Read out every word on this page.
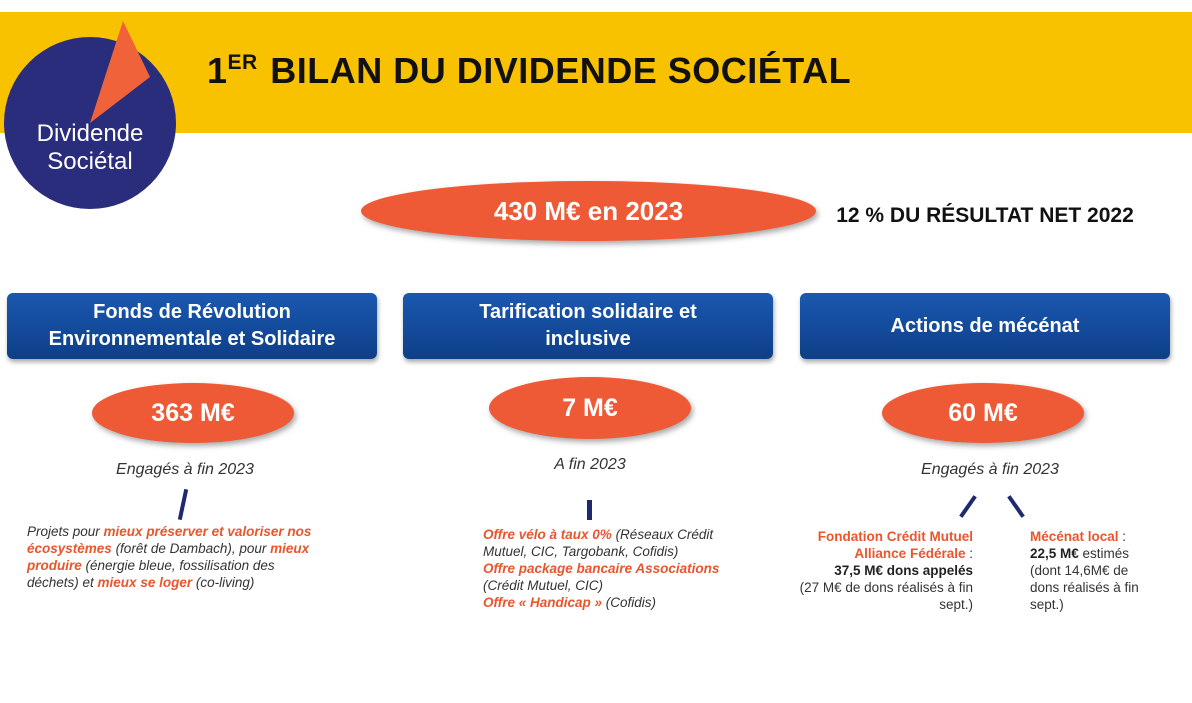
1ER BILAN DU DIVIDENDE SOCIÉTAL
Dividende
Sociétal
430 M€ en 2023	12 % DU RÉSULTAT NET 2022
Fonds de Révolution Environnementale et Solidaire
Tarification solidaire et inclusive
Actions de mécénat
363 M€	7 M€	60 M€
Engagés à fin 2023	A fin 2023	Engagés à fin 2023
Projets pour mieux préserver et valoriser nos écosystèmes (forêt de Dambach), pour mieux produire (énergie bleue, fossilisation des déchets) et mieux se loger (co-living)
Offre vélo à taux 0% (Réseaux Crédit Mutuel, CIC, Targobank, Cofidis)
Offre package bancaire Associations
(Crédit Mutuel, CIC)
Offre « Handicap » (Cofidis)
Fondation Crédit Mutuel Alliance Fédérale :
37,5 M€ dons appelés
(27 M€ de dons réalisés à fin sept.)
Mécénat local :
22,5 M€ estimés
(dont 14,6M€ de dons réalisés à fin sept.)
